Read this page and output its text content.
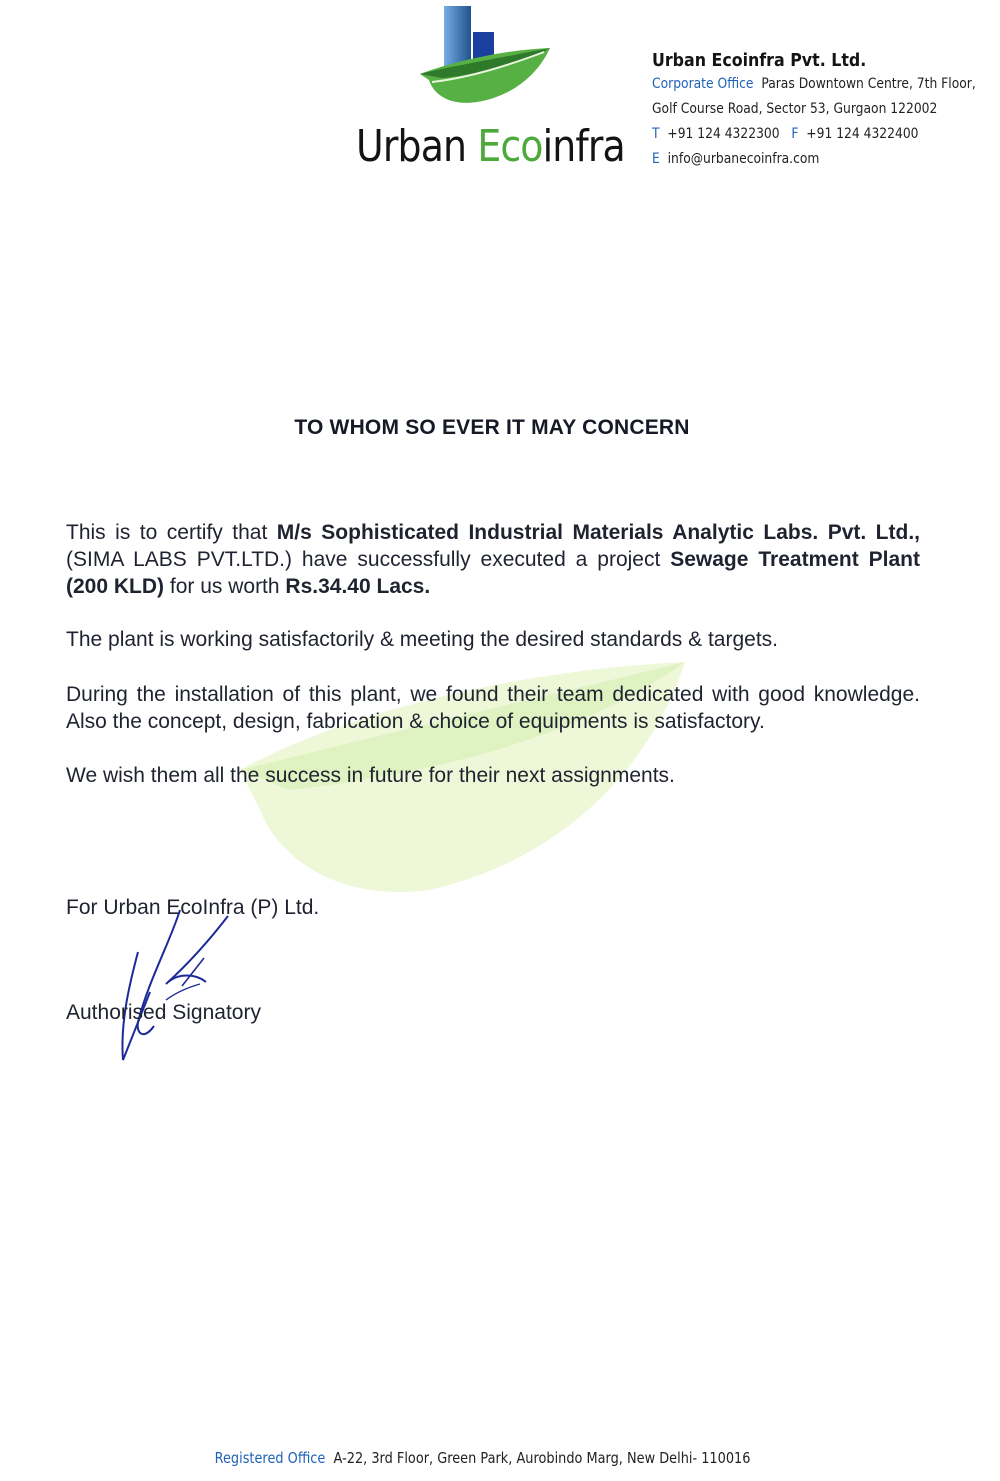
Urban Ecoinfra

Urban Ecoinfra Pvt. Ltd.

Corporate Office Paras Downtown Centre, 7th Floor,

Golf Course Road, Sector 53, Gurgaon 122002

T +91 124 4322300 F +91 124 4322400

E info@urbanecoinfra.com

TO WHOM SO EVER IT MAY CONCERN

This is to certify that M/s Sophisticated Industrial Materials Analytic Labs. Pvt. Ltd., (SIMA LABS PVT.LTD.) have successfully executed a project Sewage Treatment Plant (200 KLD) for us worth Rs.34.40 Lacs.

The plant is working satisfactorily & meeting the desired standards & targets.

During the installation of this plant, we found their team dedicated with good knowledge. Also the concept, design, fabrication & choice of equipments is satisfactory.

We wish them all the success in future for their next assignments.

For Urban EcoInfra (P) Ltd.

Authorised Signatory

Registered Office A-22, 3rd Floor, Green Park, Aurobindo Marg, New Delhi- 110016
